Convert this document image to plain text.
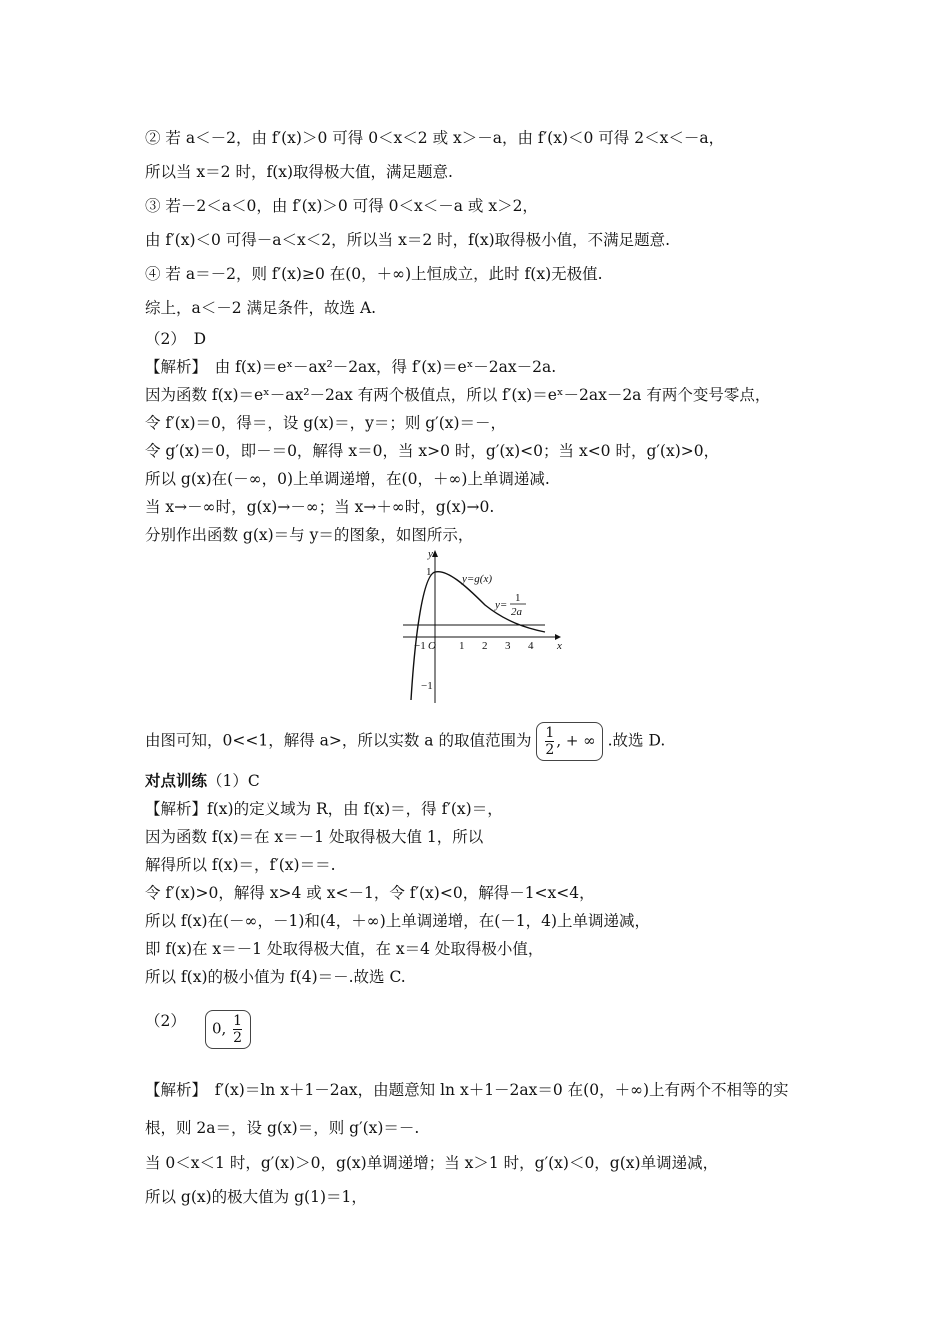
② 若 a＜－2，由 f′(x)＞0 可得 0＜x＜2 或 x＞－a，由 f′(x)＜0 可得 2＜x＜－a，
所以当 x＝2 时，f(x)取得极大值，满足题意.
③ 若－2＜a＜0，由 f′(x)＞0 可得 0＜x＜－a 或 x＞2，
由 f′(x)＜0 可得－a＜x＜2，所以当 x＝2 时，f(x)取得极小值，不满足题意.
④ 若 a＝－2，则 f′(x)≥0 在(0，＋∞)上恒成立，此时 f(x)无极值.
综上，a＜－2 满足条件，故选 A.
（2）　D
【解析】　由 f(x)＝eˣ－ax²－2ax，得 f′(x)＝eˣ－2ax－2a.
因为函数 f(x)＝eˣ－ax²－2ax 有两个极值点，所以 f′(x)＝eˣ－2ax－2a 有两个变号零点，
令 f′(x)＝0，得＝，设 g(x)＝，y＝；则 g′(x)＝－，
令 g′(x)＝0，即－＝0，解得 x＝0，当 x>0 时，g′(x)<0；当 x<0 时，g′(x)>0，
所以 g(x)在(－∞，0)上单调递增，在(0，＋∞)上单调递减.
当 x→－∞时，g(x)→－∞；当 x→＋∞时，g(x)→0.
分别作出函数 g(x)＝与 y＝的图象，如图所示，
y
x
O
−1	1 2 3 4
1
−1
y=g(x)
y=
1
2a
由图可知，0<<1，解得 a>，所以实数 a 的取值范围为 $\frac{1}{2}$ , + ∞ .故选 D.
对点训练（1）C
【解析】f(x)的定义域为 R，由 f(x)＝，得 f′(x)＝，
因为函数 f(x)＝在 x＝－1 处取得极大值 1，所以
解得所以 f(x)＝，f′(x)＝＝.
令 f′(x)>0，解得 x>4 或 x<－1，令 f′(x)<0，解得－1<x<4，
所以 f(x)在(－∞，－1)和(4，＋∞)上单调递增，在(－1，4)上单调递减，
即 f(x)在 x＝－1 处取得极大值，在 x＝4 处取得极小值，
所以 f(x)的极小值为 f(4)＝－.故选 C.
（2）	0, $\frac{1}{2}$
【解析】　f′(x)＝ln x＋1－2ax，由题意知 ln x＋1－2ax＝0 在(0，＋∞)上有两个不相等的实
根，则 2a＝，设 g(x)＝，则 g′(x)＝－.
当 0＜x＜1 时，g′(x)＞0，g(x)单调递增；当 x＞1 时，g′(x)＜0，g(x)单调递减，
所以 g(x)的极大值为 g(1)＝1，
